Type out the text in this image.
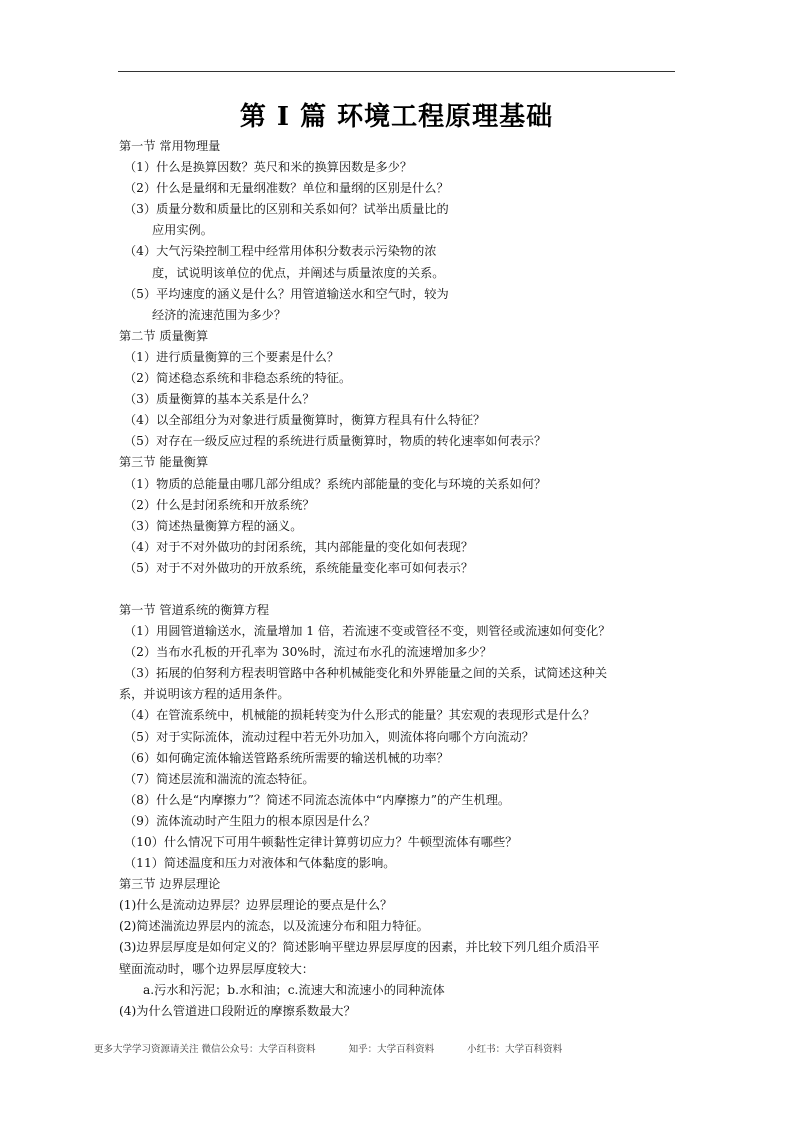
第 I 篇 环境工程原理基础
第一节 常用物理量
（1）什么是换算因数？英尺和米的换算因数是多少？
（2）什么是量纲和无量纲准数？单位和量纲的区别是什么？
（3）质量分数和质量比的区别和关系如何？试举出质量比的
应用实例。
（4）大气污染控制工程中经常用体积分数表示污染物的浓
度，试说明该单位的优点，并阐述与质量浓度的关系。
（5）平均速度的涵义是什么？用管道输送水和空气时，较为
经济的流速范围为多少？
第二节 质量衡算
（1）进行质量衡算的三个要素是什么？
（2）简述稳态系统和非稳态系统的特征。
（3）质量衡算的基本关系是什么？
（4）以全部组分为对象进行质量衡算时，衡算方程具有什么特征？
（5）对存在一级反应过程的系统进行质量衡算时，物质的转化速率如何表示？
第三节 能量衡算
（1）物质的总能量由哪几部分组成？系统内部能量的变化与环境的关系如何？
（2）什么是封闭系统和开放系统？
（3）简述热量衡算方程的涵义。
（4）对于不对外做功的封闭系统，其内部能量的变化如何表现？
（5）对于不对外做功的开放系统，系统能量变化率可如何表示？
第一节 管道系统的衡算方程
（1）用圆管道输送水，流量增加 1 倍，若流速不变或管径不变，则管径或流速如何变化？
（2）当布水孔板的开孔率为 30%时，流过布水孔的流速增加多少？
（3）拓展的伯努利方程表明管路中各种机械能变化和外界能量之间的关系，试简述这种关
系，并说明该方程的适用条件。
（4）在管流系统中，机械能的损耗转变为什么形式的能量？其宏观的表现形式是什么？
（5）对于实际流体，流动过程中若无外功加入，则流体将向哪个方向流动？
（6）如何确定流体输送管路系统所需要的输送机械的功率？
（7）简述层流和湍流的流态特征。
（8）什么是“内摩擦力”？简述不同流态流体中“内摩擦力”的产生机理。
（9）流体流动时产生阻力的根本原因是什么？
（10）什么情况下可用牛顿黏性定律计算剪切应力？牛顿型流体有哪些？
（11）简述温度和压力对液体和气体黏度的影响。
第三节 边界层理论
(1)什么是流动边界层？边界层理论的要点是什么？
(2)简述湍流边界层内的流态，以及流速分布和阻力特征。
(3)边界层厚度是如何定义的？简述影响平壁边界层厚度的因素，并比较下列几组介质沿平
壁面流动时，哪个边界层厚度较大：
a.污水和污泥；b.水和油；c.流速大和流速小的同种流体
(4)为什么管道进口段附近的摩擦系数最大？
更多大学学习资源请关注 微信公众号：大学百科资料	知乎：大学百科资料	小红书：大学百科资料
